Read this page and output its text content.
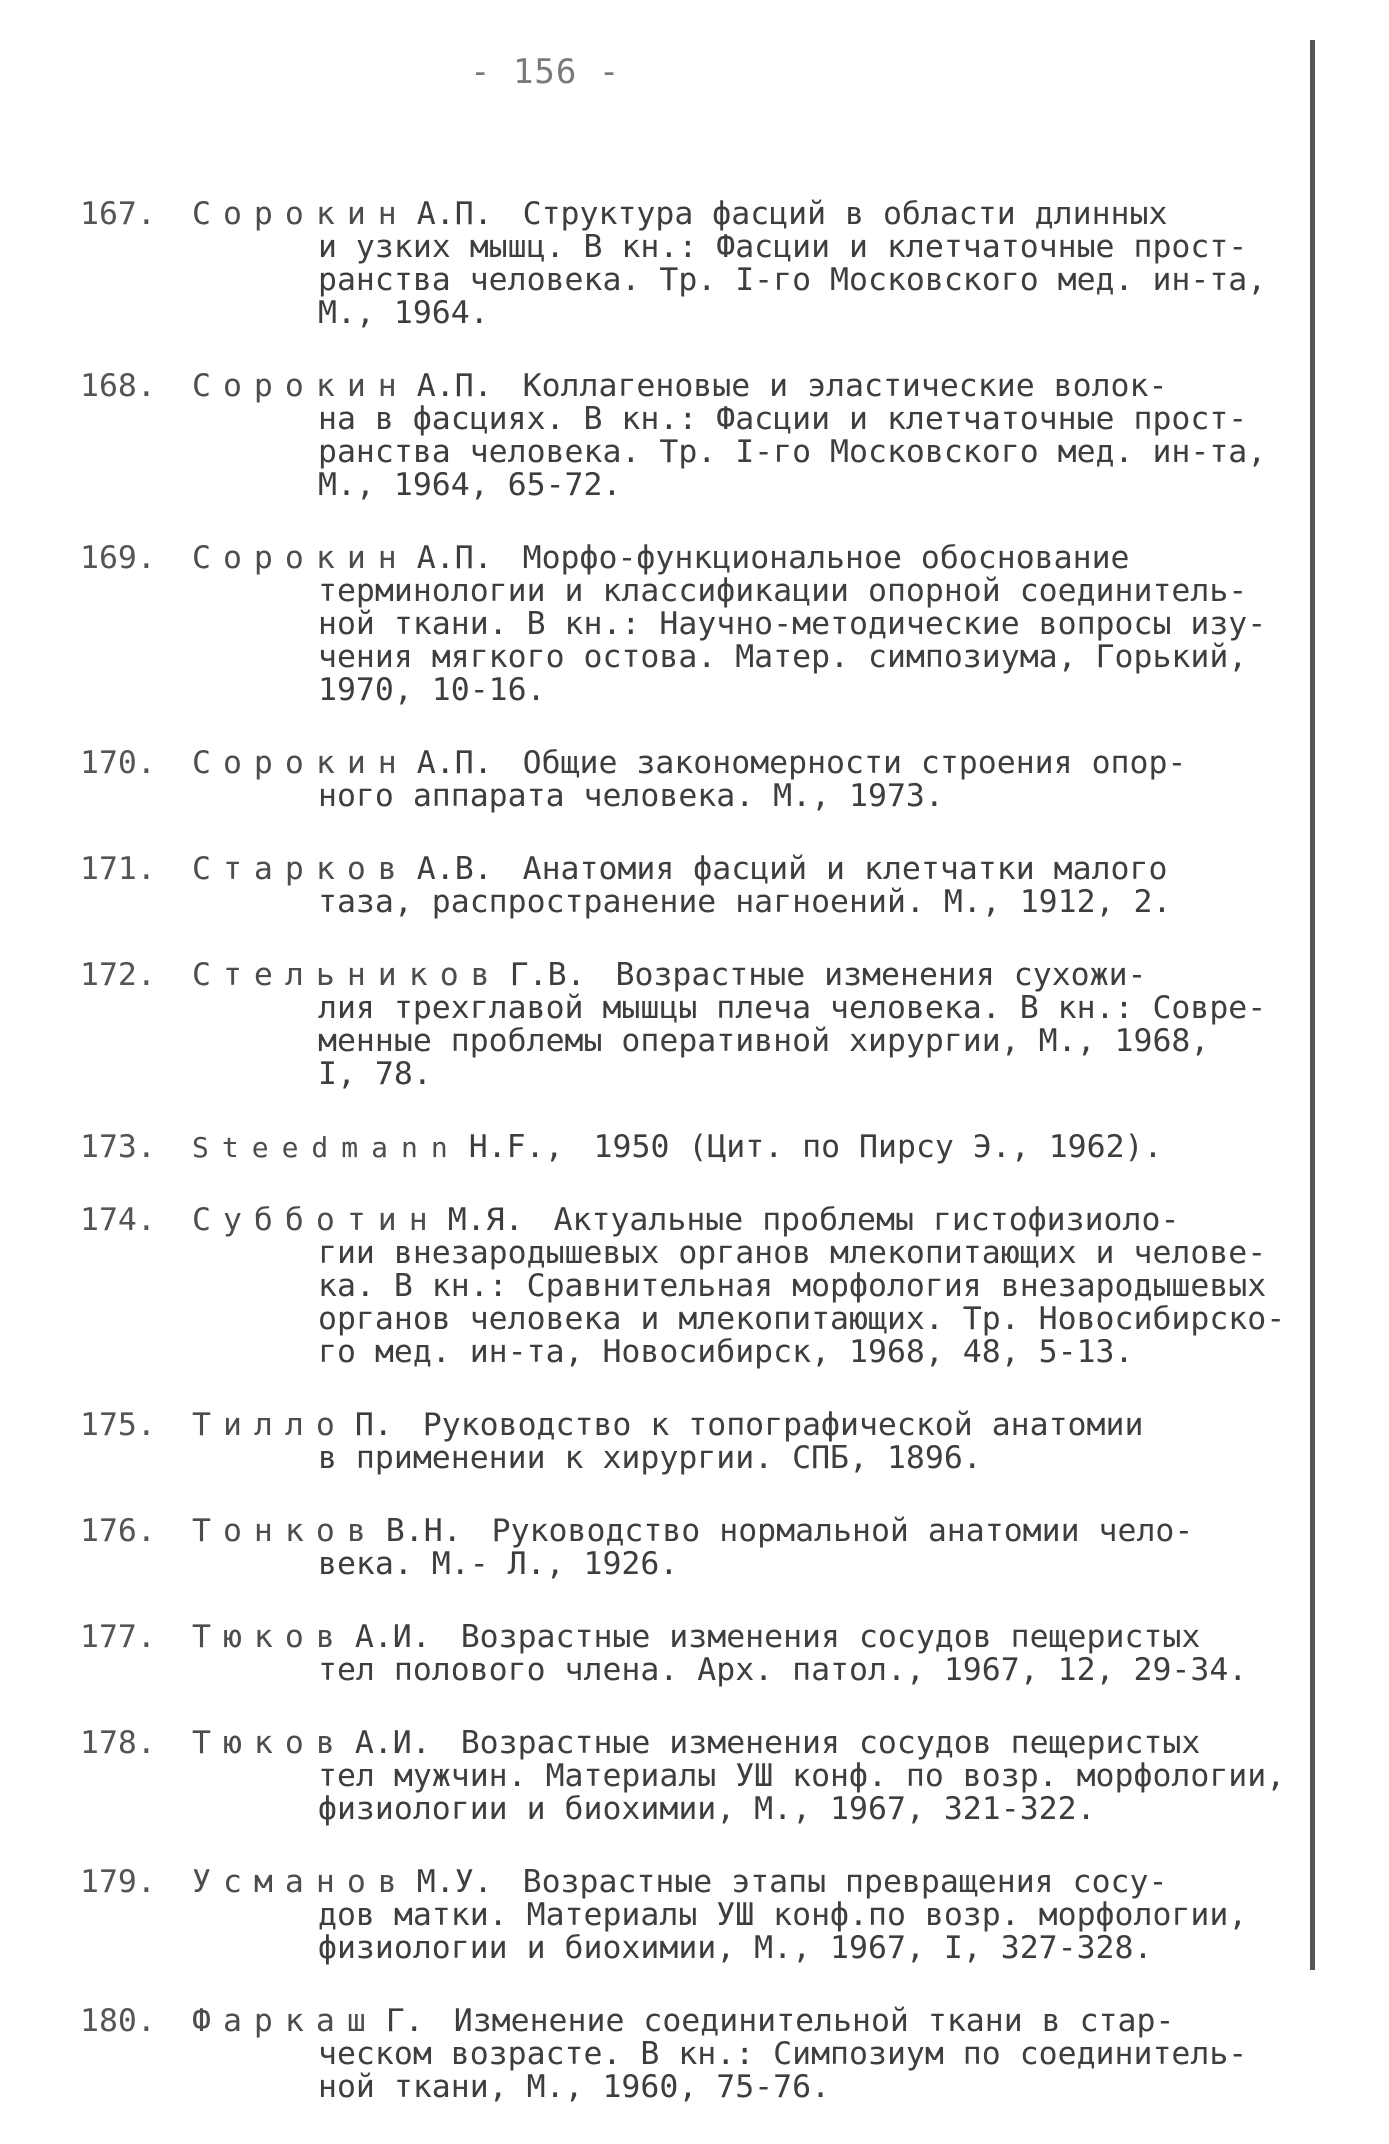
- 156 -
167.	Сорокин А.П. Структура фасций в области длинных
и узких мышц. В кн.: Фасции и клетчаточные прост-
ранства человека. Тр. I-го Московского мед. ин-та,
М., 1964.
168.	Сорокин А.П. Коллагеновые и эластические волок-
на в фасциях. В кн.: Фасции и клетчаточные прост-
ранства человека. Тр. I-го Московского мед. ин-та,
М., 1964, 65-72.
169.	Сорокин А.П. Морфо-функциональное обоснование
терминологии и классификации опорной соединитель-
ной ткани. В кн.: Научно-методические вопросы изу-
чения мягкого остова. Матер. симпозиума, Горький,
1970, 10-16.
170.	Сорокин А.П. Общие закономерности строения опор-
ного аппарата человека. М., 1973.
171.	Старков А.В. Анатомия фасций и клетчатки малого
таза, распространение нагноений. М., 1912, 2.
172.	Стельников Г.В. Возрастные изменения сухожи-
лия трехглавой мышцы плеча человека. В кн.: Совре-
менные проблемы оперативной хирургии, М., 1968,
I, 78.
173.	Steedmann H.F., 1950 (Цит. по Пирсу Э., 1962).
174.	Субботин М.Я. Актуальные проблемы гистофизиоло-
гии внезародышевых органов млекопитающих и челове-
ка. В кн.: Сравнительная морфология внезародышевых
органов человека и млекопитающих. Тр. Новосибирско-
го мед. ин-та, Новосибирск, 1968, 48, 5-13.
175.	Тилло П. Руководство к топографической анатомии
в применении к хирургии. СПБ, 1896.
176.	Тонков В.Н. Руководство нормальной анатомии чело-
века. М.- Л., 1926.
177.	Тюков А.И. Возрастные изменения сосудов пещеристых
тел полового члена. Арх. патол., 1967, 12, 29-34.
178.	Тюков А.И. Возрастные изменения сосудов пещеристых
тел мужчин. Материалы УШ конф. по возр. морфологии,
физиологии и биохимии, М., 1967, 321-322.
179.	Усманов М.У. Возрастные этапы превращения сосу-
дов матки. Материалы УШ конф.по возр. морфологии,
физиологии и биохимии, М., 1967, I, 327-328.
180.	Фаркаш Г. Изменение соединительной ткани в стар-
ческом возрасте. В кн.: Симпозиум по соединитель-
ной ткани, М., 1960, 75-76.
